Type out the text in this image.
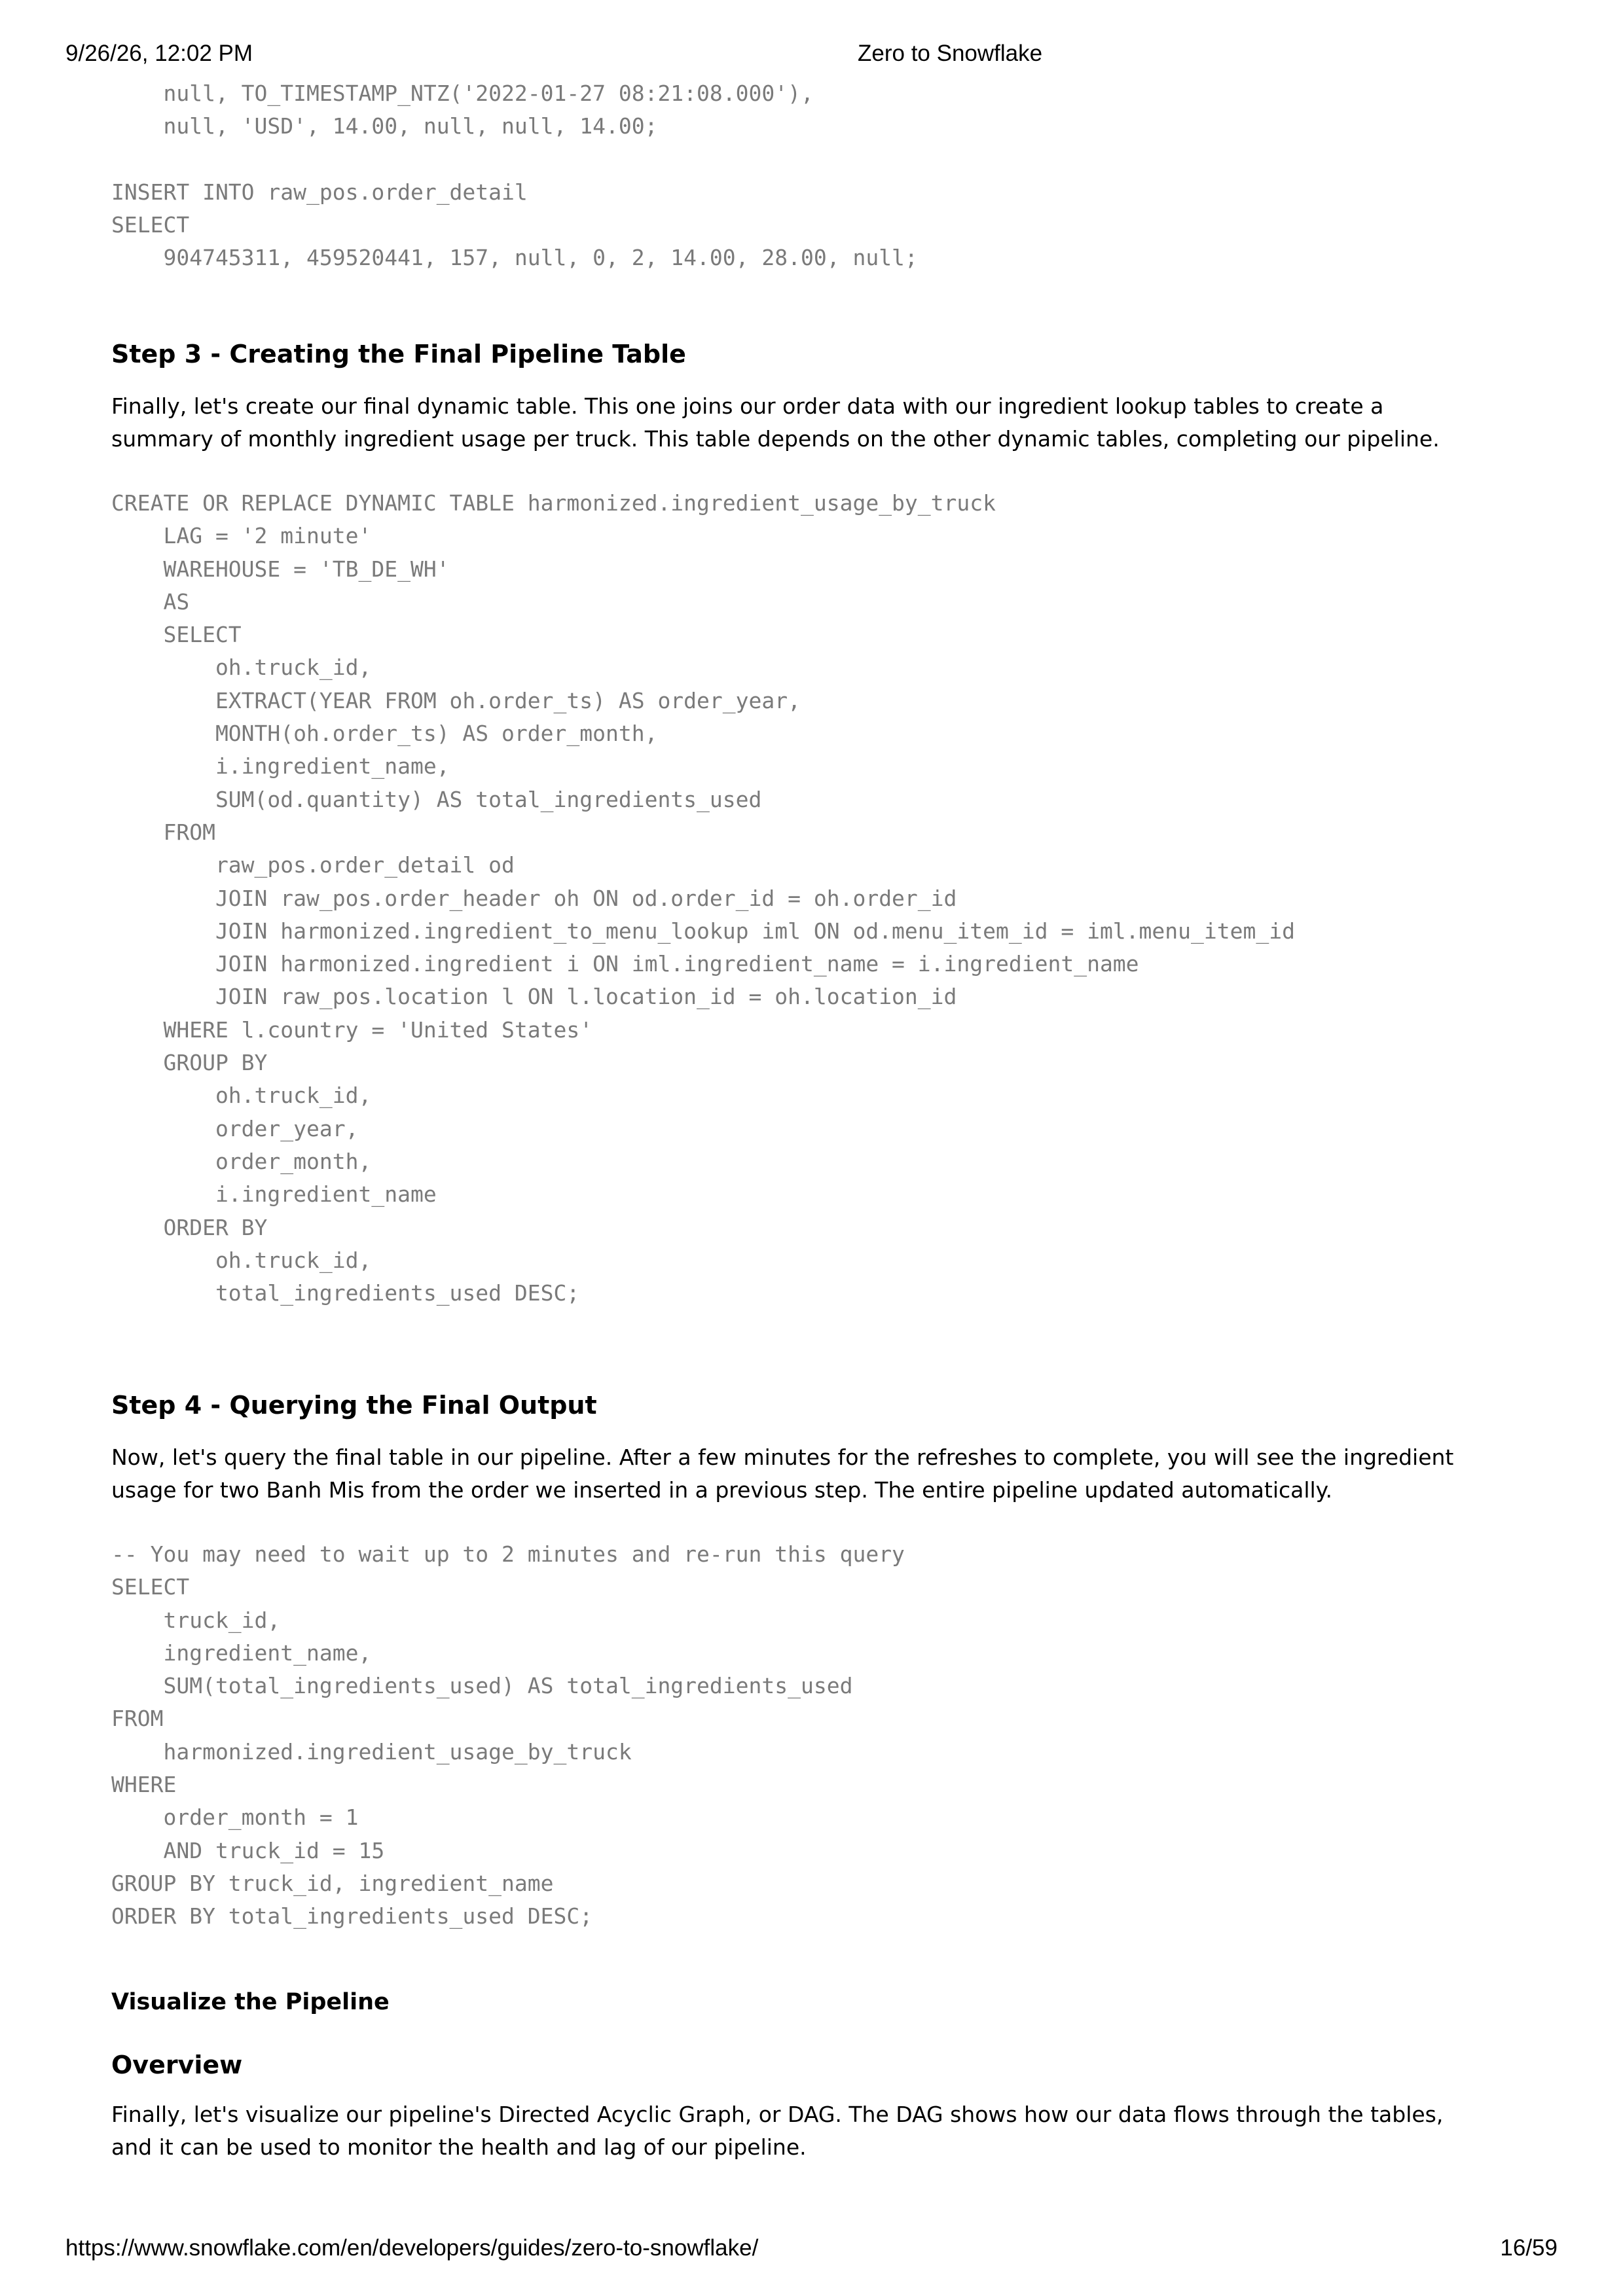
9/26/26, 12:02 PM	Zero to Snowflake
null, TO_TIMESTAMP_NTZ('2022-01-27 08:21:08.000'),
null, 'USD', 14.00, null, null, 14.00;

INSERT INTO raw_pos.order_detail
SELECT
904745311, 459520441, 157, null, 0, 2, 14.00, 28.00, null;
Step 3 - Creating the Final Pipeline Table

Finally, let's create our final dynamic table. This one joins our order data with our ingredient lookup tables to create a summary of monthly ingredient usage per truck. This table depends on the other dynamic tables, completing our pipeline.

CREATE OR REPLACE DYNAMIC TABLE harmonized.ingredient_usage_by_truck
LAG = '2 minute'
WAREHOUSE = 'TB_DE_WH'
AS
SELECT
oh.truck_id,
EXTRACT(YEAR FROM oh.order_ts) AS order_year,
MONTH(oh.order_ts) AS order_month,
i.ingredient_name,
SUM(od.quantity) AS total_ingredients_used
FROM
raw_pos.order_detail od
JOIN raw_pos.order_header oh ON od.order_id = oh.order_id
JOIN harmonized.ingredient_to_menu_lookup iml ON od.menu_item_id = iml.menu_item_id
JOIN harmonized.ingredient i ON iml.ingredient_name = i.ingredient_name
JOIN raw_pos.location l ON l.location_id = oh.location_id
WHERE l.country = 'United States'
GROUP BY
oh.truck_id,
order_year,
order_month,
i.ingredient_name
ORDER BY
oh.truck_id,
total_ingredients_used DESC;
Step 4 - Querying the Final Output

Now, let's query the final table in our pipeline. After a few minutes for the refreshes to complete, you will see the ingredient usage for two Banh Mis from the order we inserted in a previous step. The entire pipeline updated automatically.

-- You may need to wait up to 2 minutes and re-run this query
SELECT
truck_id,
ingredient_name,
SUM(total_ingredients_used) AS total_ingredients_used
FROM
harmonized.ingredient_usage_by_truck
WHERE
order_month = 1
AND truck_id = 15
GROUP BY truck_id, ingredient_name
ORDER BY total_ingredients_used DESC;
Visualize the Pipeline
Overview

Finally, let's visualize our pipeline's Directed Acyclic Graph, or DAG. The DAG shows how our data flows through the tables, and it can be used to monitor the health and lag of our pipeline.

https://www.snowflake.com/en/developers/guides/zero-to-snowflake/	16/59
